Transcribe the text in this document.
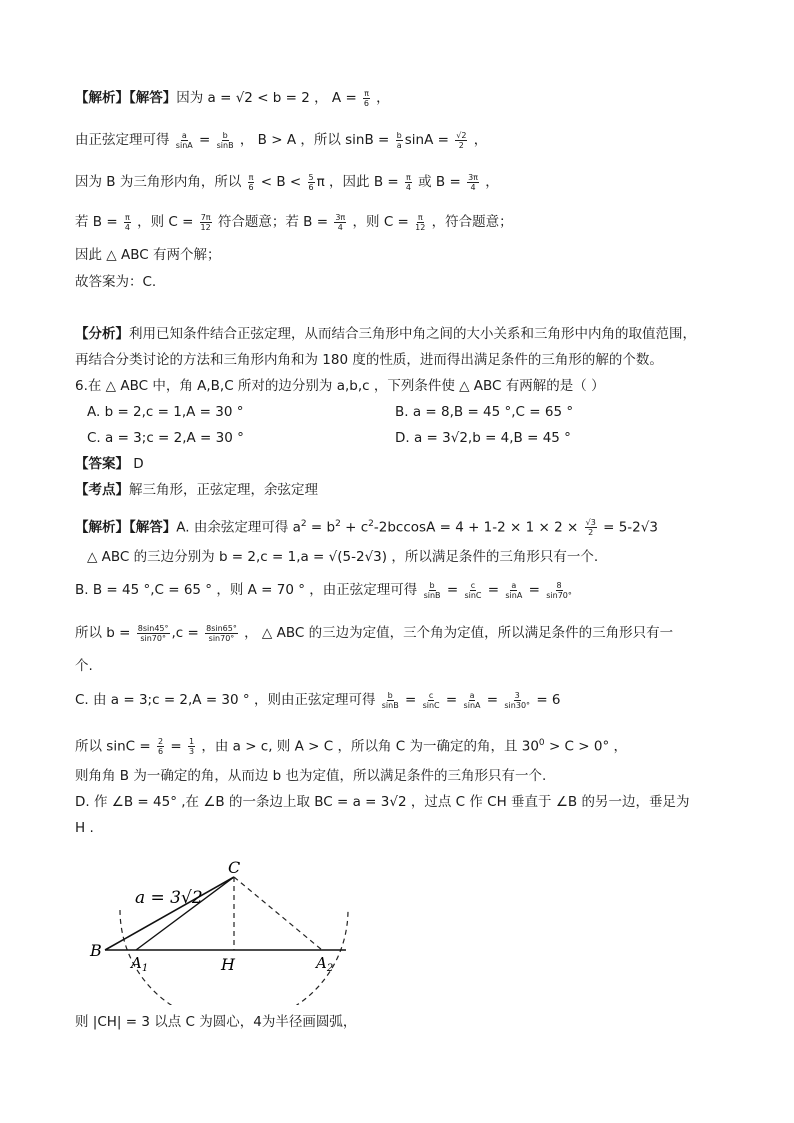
【解析】【解答】因为 a = √2 < b = 2 ， $A = \frac{\pi}{6}$ ，
由正弦定理可得 $\frac{a}{\sin A} = \frac{b}{\sin B}$ ， B > A ，所以 $\sin B = \frac{b}{a}$ $\sin A = \frac{√2}{2}$ ，
因为 B 为三角形内角，所以 $\frac{\pi}{6} < B < \frac{5}{6}$ π ，因此 $B = \frac{\pi}{4}$ 或 $B = \frac{3\pi}{4}$ ，
若 $B = \frac{\pi}{4}$ ，则 $C = \frac{7\pi}{12}$ 符合题意；若 $B = \frac{3\pi}{4}$ ，则 $C = \frac{\pi}{12}$ ，符合题意；
因此 △ ABC 有两个解；
故答案为：C.
【分析】利用已知条件结合正弦定理，从而结合三角形中角之间的大小关系和三角形中内角的取值范围，
再结合分类讨论的方法和三角形内角和为 180 度的性质，进而得出满足条件的三角形的解的个数。
6.在 △ ABC 中，角 A,B,C 所对的边分别为 a,b,c ，下列条件使 △ ABC 有两解的是（ ）
A. b = 2,c = 1,A = 30 °	B. a = 8,B = 45 °,C = 65 °
C. a = 3;c = 2,A = 30 °	D. a = 3√2,b = 4,B = 45 °
【答案】 D
【考点】解三角形，正弦定理，余弦定理
【解析】【解答】A. 由余弦定理可得 $a^2 = b^2 + c^2-2bccosA = 4 + 1-2 \times 1 \times 2 \times \frac{√3}{2} = 5-2√3$
△ ABC 的三边分别为 b = 2,c = 1,a = √(5-2√3) ，所以满足条件的三角形只有一个.
B. B = 45 °,C = 65 ° ，则 A = 70 ° ，由正弦定理可得 $\frac{b}{\sin B} = \frac{c}{\sin C} = \frac{a}{\sin A} = \frac{8}{\sin 70^\circ}$
所以 $b = \frac{8\sin 45^\circ}{\sin 70^\circ} ,c = \frac{8\sin 65^\circ}{\sin 70^\circ}$ ， △ ABC 的三边为定值，三个角为定值，所以满足条件的三角形只有一
个.
C. 由 a = 3;c = 2,A = 30 ° ，则由正弦定理可得 $\frac{b}{\sin B} = \frac{c}{\sin C} = \frac{a}{\sin A} = \frac{3}{\sin 30^\circ} = 6$
所以 $\sin C = \frac{2}{6} = \frac{1}{3}$ ，由 a > c, 则 A > C ，所以角 C 为一确定的角，且 $30^0 > C > 0^\circ$ ，
则角角 B 为一确定的角，从而边 b 也为定值，所以满足条件的三角形只有一个.
D. 作 ∠B = 45° ,在 ∠B 的一条边上取 BC = a = 3√2 ，过点 C 作 CH 垂直于 ∠B 的另一边，垂足为
H .
a = 3√2
C
B
$A_1$	H	$A_2$
则 |CH| = 3 以点 C 为圆心，4为半径画圆弧，
